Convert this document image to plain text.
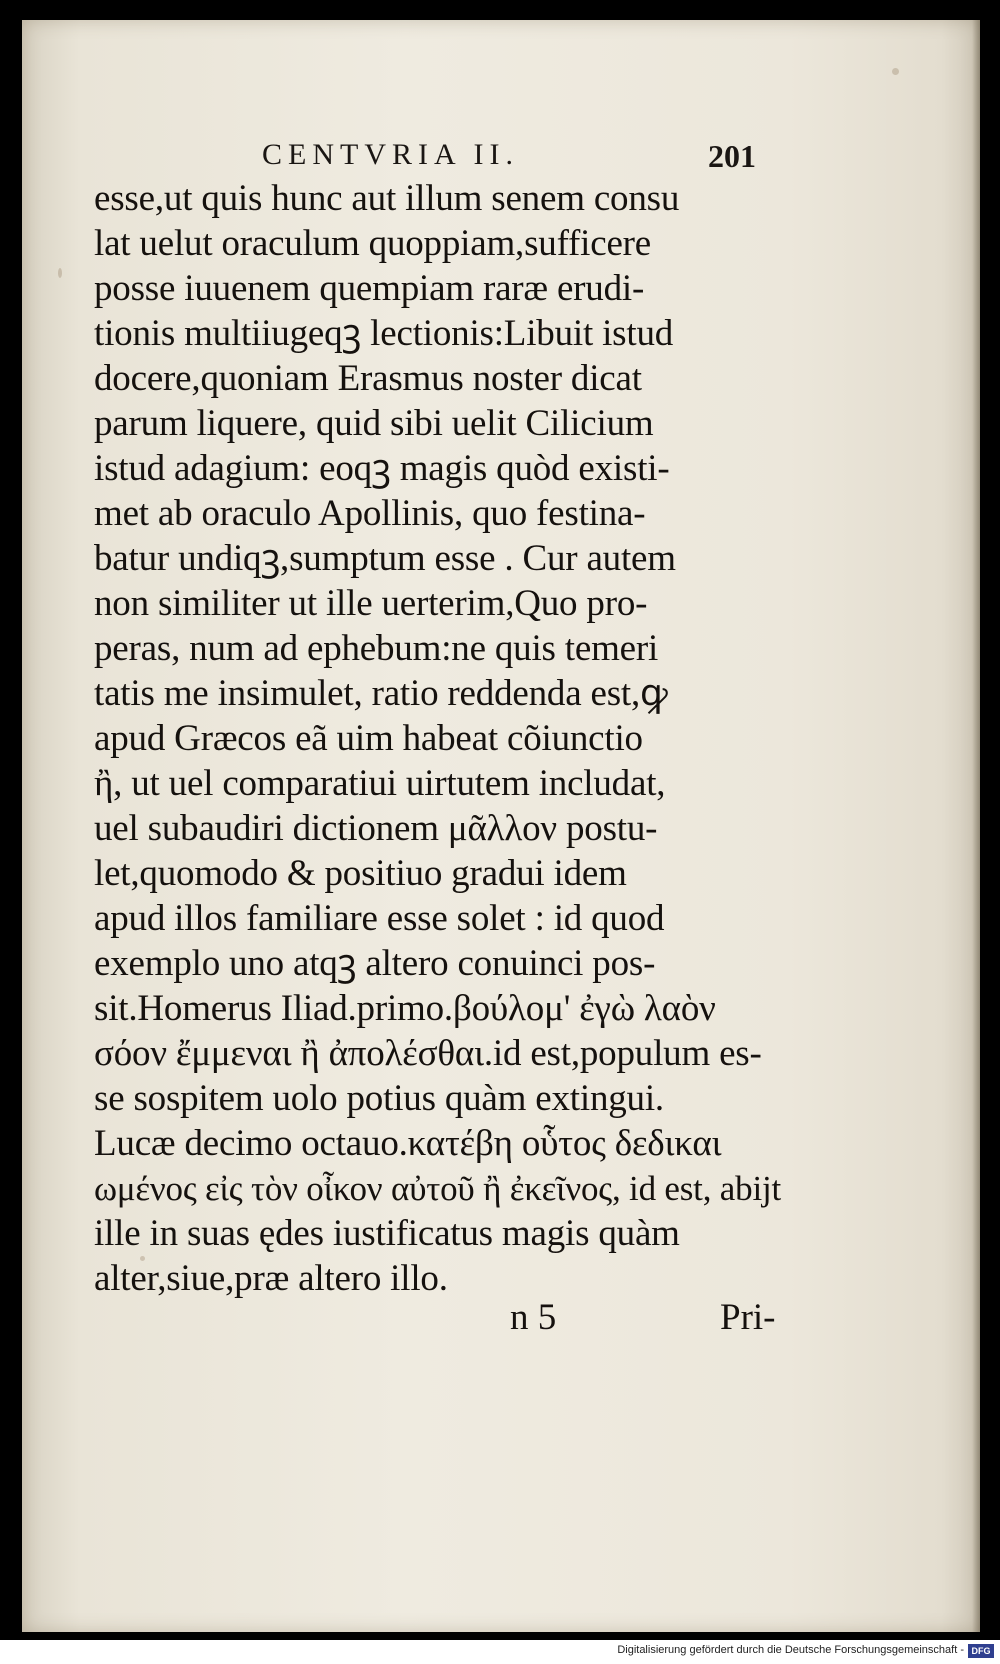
CENTVRIA II.	201
esse,ut quis hunc aut illum senem consu
lat uelut oraculum quoppiam,sufficere
posse iuuenem quempiam raræ erudi-
tionis multiiugeqꝫ lectionis:Libuit istud
docere,quoniam Erasmus noster dicat
parum liquere, quid sibi uelit Cilicium
istud adagium: eoqꝫ magis quòd existi-
met ab oraculo Apollinis, quo festina-
batur undiqꝫ,sumptum esse . Cur autem
non similiter ut ille uerterim,Quo pro-
peras, num ad ephebum:ne quis temeri
tatis me insimulet, ratio reddenda est,ꝙ
apud Græcos eã uim habeat cõiunctio
ἢ, ut uel comparatiui uirtutem includat,
uel subaudiri dictionem μᾶλλον postu-
let,quomodo & positiuo gradui idem
apud illos familiare esse solet : id quod
exemplo uno atqꝫ altero conuinci pos-
sit.Homerus Iliad.primo.βούλομ' ἐγὼ λαὸν
σόον ἔμμεναι ἢ ἀπολέσθαι.id est,populum es-
se sospitem uolo potius quàm extingui.
Lucæ decimo octauo.κατέβη οὗτος δεδικαι
ωμένος εἰς τὸν οἶκον αὐτοῦ ἢ ἐκεῖνος, id est, abijt
ille in suas ędes iustificatus magis quàm
alter,siue,præ altero illo.
n 5	Pri-
Digitalisierung gefördert durch die Deutsche Forschungsgemeinschaft - DFG
